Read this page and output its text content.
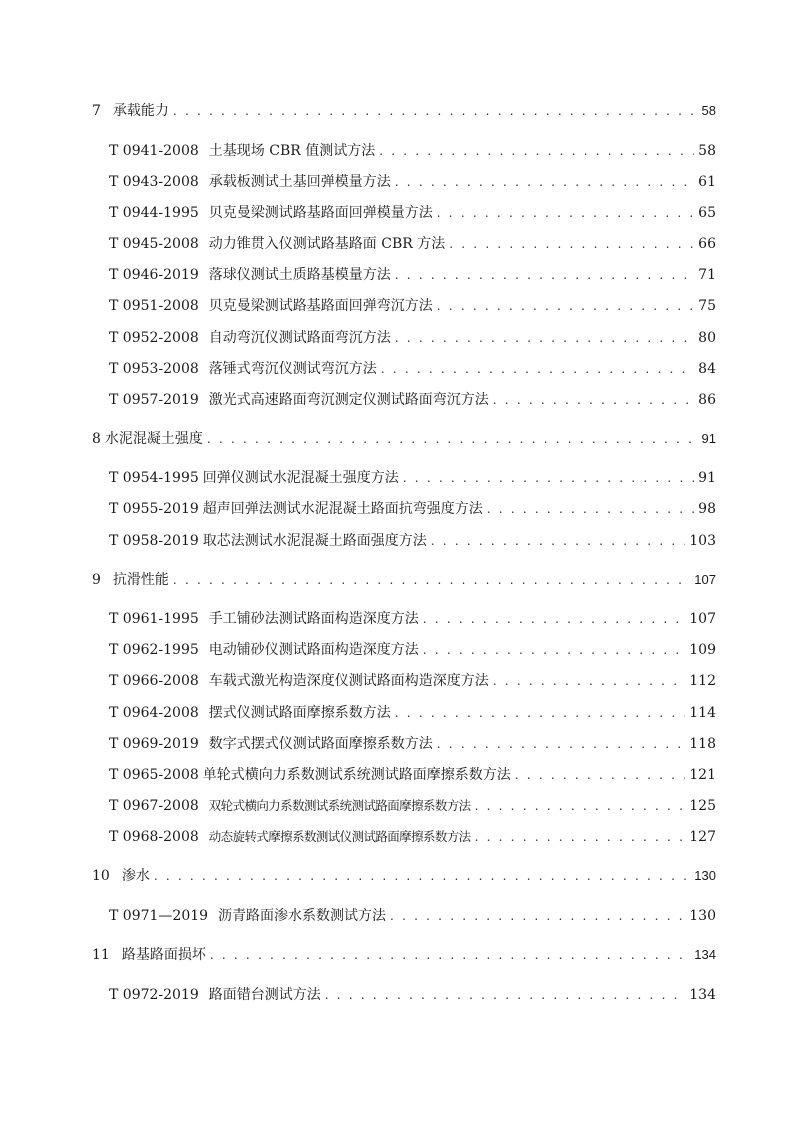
7 承载能力 . . .	58
T 0941-2008 土基现场 CBR 值测试方法 . . .	58
T 0943-2008 承载板测试土基回弹模量方法 . . .	61
T 0944-1995 贝克曼梁测试路基路面回弹模量方法 . . .	65
T 0945-2008 动力锥贯入仪测试路基路面 CBR 方法 . . .	66
T 0946-2019 落球仪测试土质路基模量方法 . . .	71
T 0951-2008 贝克曼梁测试路基路面回弹弯沉方法 . . .	75
T 0952-2008 自动弯沉仪测试路面弯沉方法 . . .	80
T 0953-2008 落锤式弯沉仪测试弯沉方法 . . .	84
T 0957-2019 激光式高速路面弯沉测定仪测试路面弯沉方法 . . .	86
8 水泥混凝土强度 . . .	91
T 0954-1995 回弹仪测试水泥混凝土强度方法 . . .	91
T 0955-2019 超声回弹法测试水泥混凝土路面抗弯强度方法 . . .	98
T 0958-2019 取芯法测试水泥混凝土路面强度方法 . . .	103
9 抗滑性能 . . .	107
T 0961-1995 手工铺砂法测试路面构造深度方法 . . .	107
T 0962-1995 电动铺砂仪测试路面构造深度方法 . . .	109
T 0966-2008 车载式激光构造深度仪测试路面构造深度方法 . . .	112
T 0964-2008 摆式仪测试路面摩擦系数方法 . . .	114
T 0969-2019 数字式摆式仪测试路面摩擦系数方法 . . .	118
T 0965-2008 单轮式横向力系数测试系统测试路面摩擦系数方法 . . .	121
T 0967-2008 双轮式横向力系数测试系统测试路面摩擦系数方法 . . .	125
T 0968-2008 动态旋转式摩擦系数测试仪测试路面摩擦系数方法 . . .	127
10 渗水 . . .	130
T 0971—2019 沥青路面渗水系数测试方法 . . .	130
11 路基路面损坏 . . .	134
T 0972-2019 路面错台测试方法 . . .	134
